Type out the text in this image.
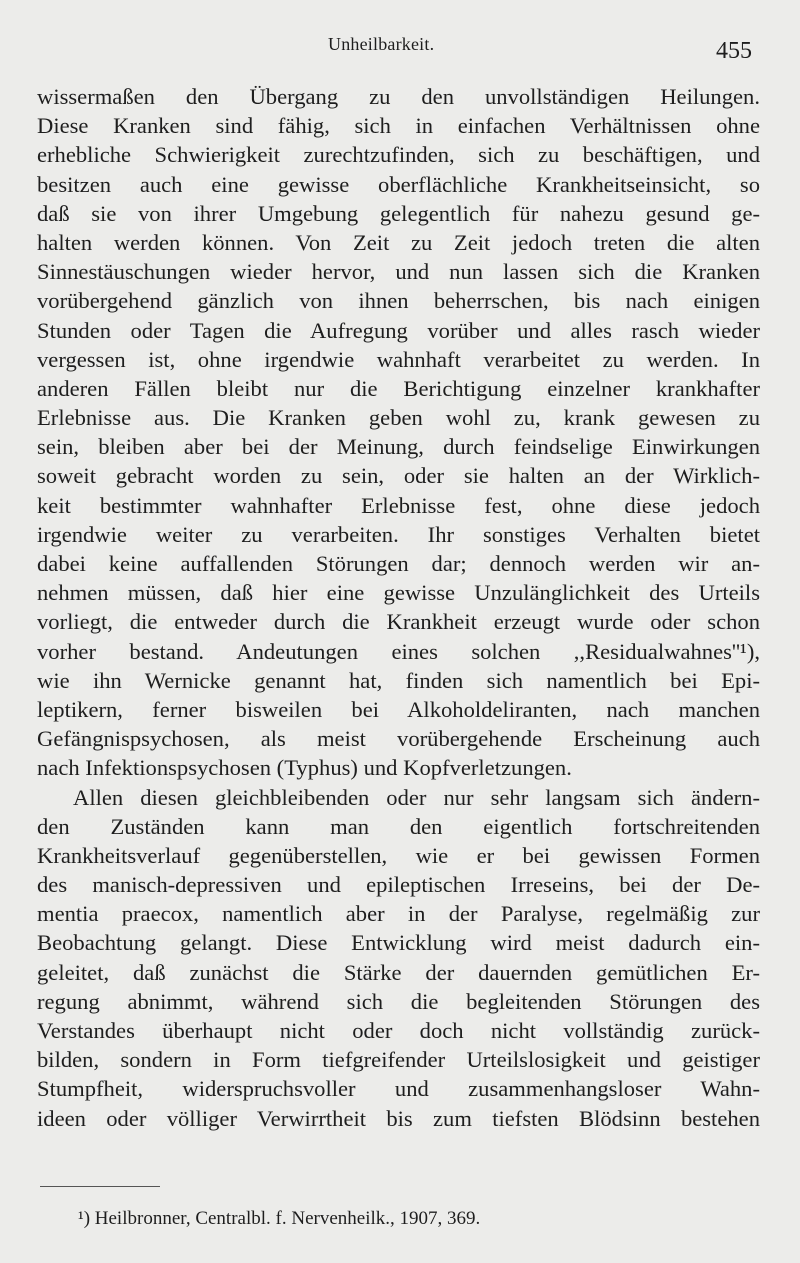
Unheilbarkeit.	455
wissermaßen den Übergang zu den unvollständigen Heilungen.
Diese Kranken sind fähig, sich in einfachen Verhältnissen ohne
erhebliche Schwierigkeit zurechtzufinden, sich zu beschäftigen, und
besitzen auch eine gewisse oberflächliche Krankheitseinsicht, so
daß sie von ihrer Umgebung gelegentlich für nahezu gesund ge-
halten werden können. Von Zeit zu Zeit jedoch treten die alten
Sinnestäuschungen wieder hervor, und nun lassen sich die Kranken
vorübergehend gänzlich von ihnen beherrschen, bis nach einigen
Stunden oder Tagen die Aufregung vorüber und alles rasch wieder
vergessen ist, ohne irgendwie wahnhaft verarbeitet zu werden. In
anderen Fällen bleibt nur die Berichtigung einzelner krankhafter
Erlebnisse aus. Die Kranken geben wohl zu, krank gewesen zu
sein, bleiben aber bei der Meinung, durch feindselige Einwirkungen
soweit gebracht worden zu sein, oder sie halten an der Wirklich-
keit bestimmter wahnhafter Erlebnisse fest, ohne diese jedoch
irgendwie weiter zu verarbeiten. Ihr sonstiges Verhalten bietet
dabei keine auffallenden Störungen dar; dennoch werden wir an-
nehmen müssen, daß hier eine gewisse Unzulänglichkeit des Urteils
vorliegt, die entweder durch die Krankheit erzeugt wurde oder schon
vorher bestand. Andeutungen eines solchen ,,Residualwahnes''¹),
wie ihn Wernicke genannt hat, finden sich namentlich bei Epi-
leptikern, ferner bisweilen bei Alkoholdeliranten, nach manchen
Gefängnispsychosen, als meist vorübergehende Erscheinung auch
nach Infektionspsychosen (Typhus) und Kopfverletzungen.
Allen diesen gleichbleibenden oder nur sehr langsam sich ändern-
den Zuständen kann man den eigentlich fortschreitenden
Krankheitsverlauf gegenüberstellen, wie er bei gewissen Formen
des manisch-depressiven und epileptischen Irreseins, bei der De-
mentia praecox, namentlich aber in der Paralyse, regelmäßig zur
Beobachtung gelangt. Diese Entwicklung wird meist dadurch ein-
geleitet, daß zunächst die Stärke der dauernden gemütlichen Er-
regung abnimmt, während sich die begleitenden Störungen des
Verstandes überhaupt nicht oder doch nicht vollständig zurück-
bilden, sondern in Form tiefgreifender Urteilslosigkeit und geistiger
Stumpfheit, widerspruchsvoller und zusammenhangsloser Wahn-
ideen oder völliger Verwirrtheit bis zum tiefsten Blödsinn bestehen
¹) Heilbronner, Centralbl. f. Nervenheilk., 1907, 369.
